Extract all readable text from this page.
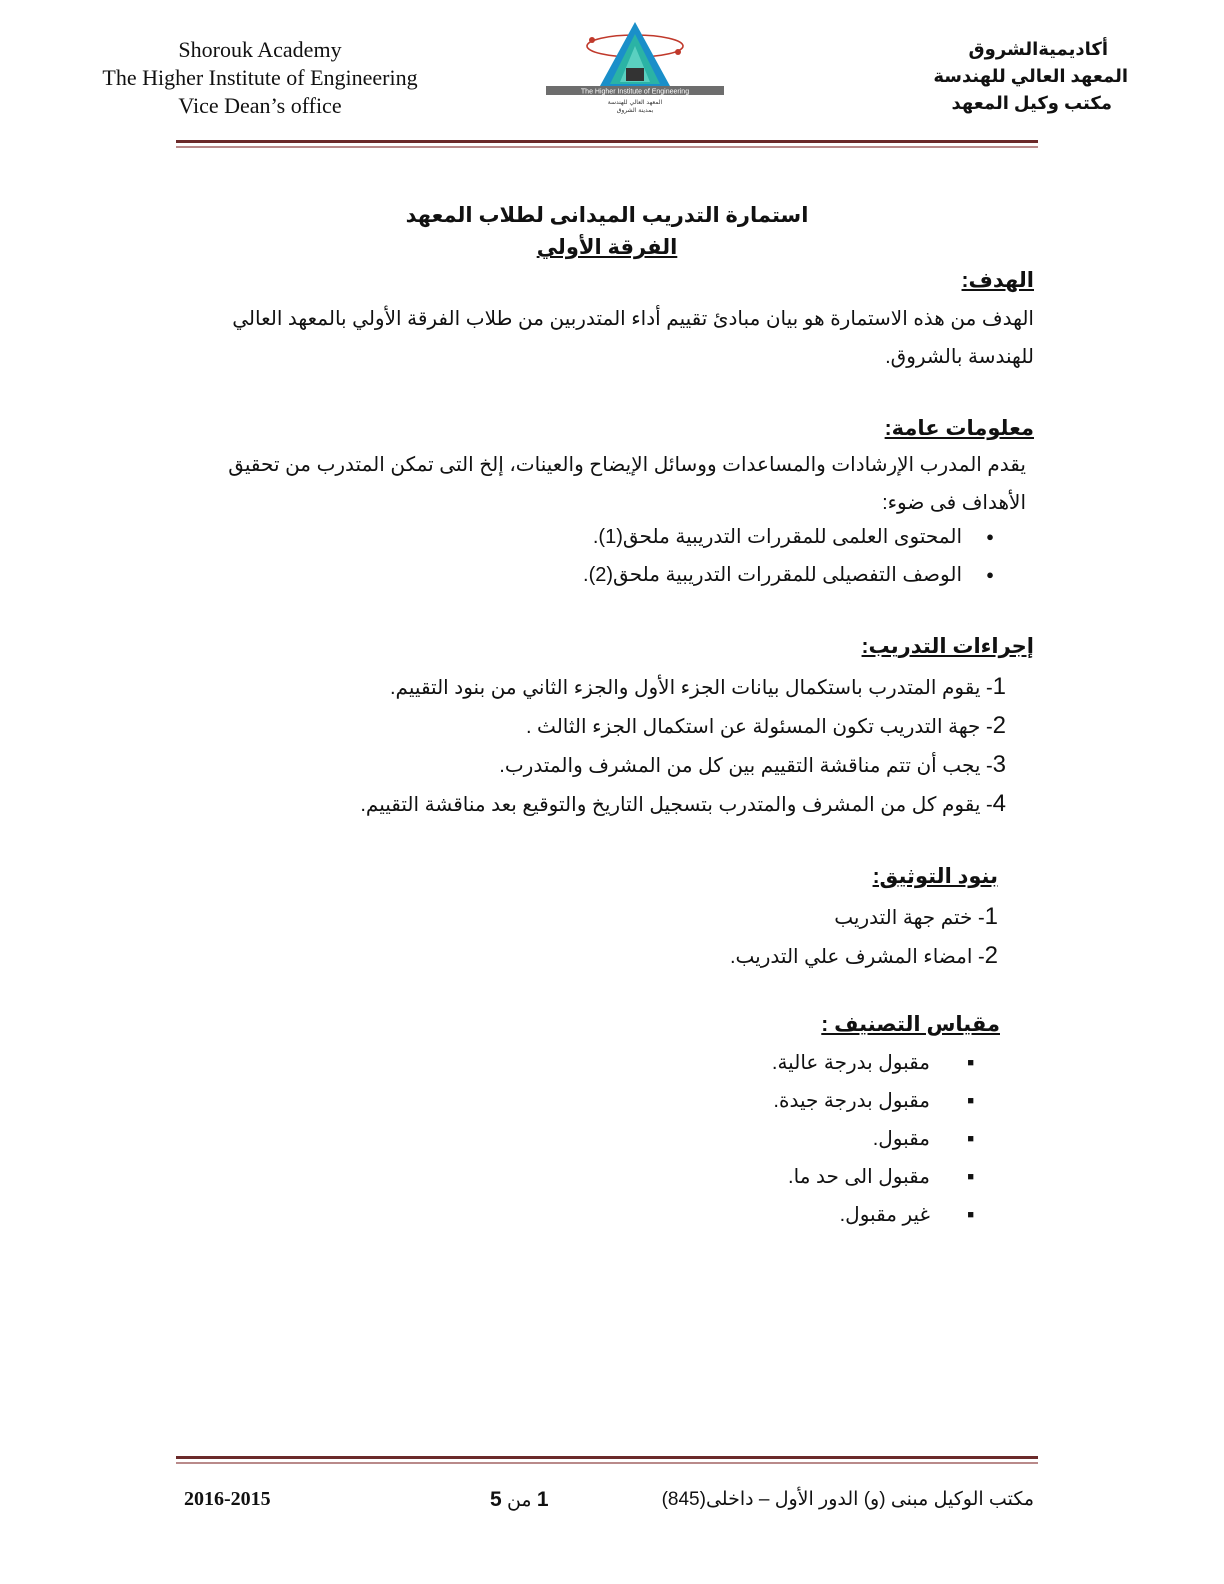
Shorouk Academy
The Higher Institute of Engineering
Vice Dean’s office
The Higher Institute of Engineering
المعهد العالي للهندسة
بمدينة الشروق
أكاديميةالشروق
المعهد العالي للهندسة
مكتب وكيل المعهد
استمارة التدريب الميدانى لطلاب المعهد
الفرقة الأولي
الهدف:
الهدف من هذه الاستمارة هو بيان مبادئ تقييم أداء المتدربين من طلاب الفرقة الأولي بالمعهد العالي للهندسة بالشروق.
معلومات عامة:
يقدم المدرب الإرشادات والمساعدات ووسائل الإيضاح والعينات، إلخ التى تمكن المتدرب من تحقيق الأهداف فى ضوء:
● المحتوى العلمى للمقررات التدريبية ملحق(1).
● الوصف التفصيلى للمقررات التدريبية ملحق(2).
إجراءات التدريب:
1- يقوم المتدرب باستكمال بيانات الجزء الأول والجزء الثاني من بنود التقييم.
2- جهة التدريب تكون المسئولة عن استكمال الجزء الثالث .
3- يجب أن تتم مناقشة التقييم بين كل من المشرف والمتدرب.
4- يقوم كل من المشرف والمتدرب بتسجيل التاريخ والتوقيع بعد مناقشة التقييم.
بنود التوثيق:
1- ختم جهة التدريب
2- امضاء المشرف علي التدريب.
مقياس التصنيف :
■ مقبول بدرجة عالية.
■ مقبول بدرجة جيدة.
■ مقبول.
■ مقبول الى حد ما.
■ غير مقبول.
2016-2015	1 من 5	مكتب الوكيل مبنى (و) الدور الأول – داخلى(845)
